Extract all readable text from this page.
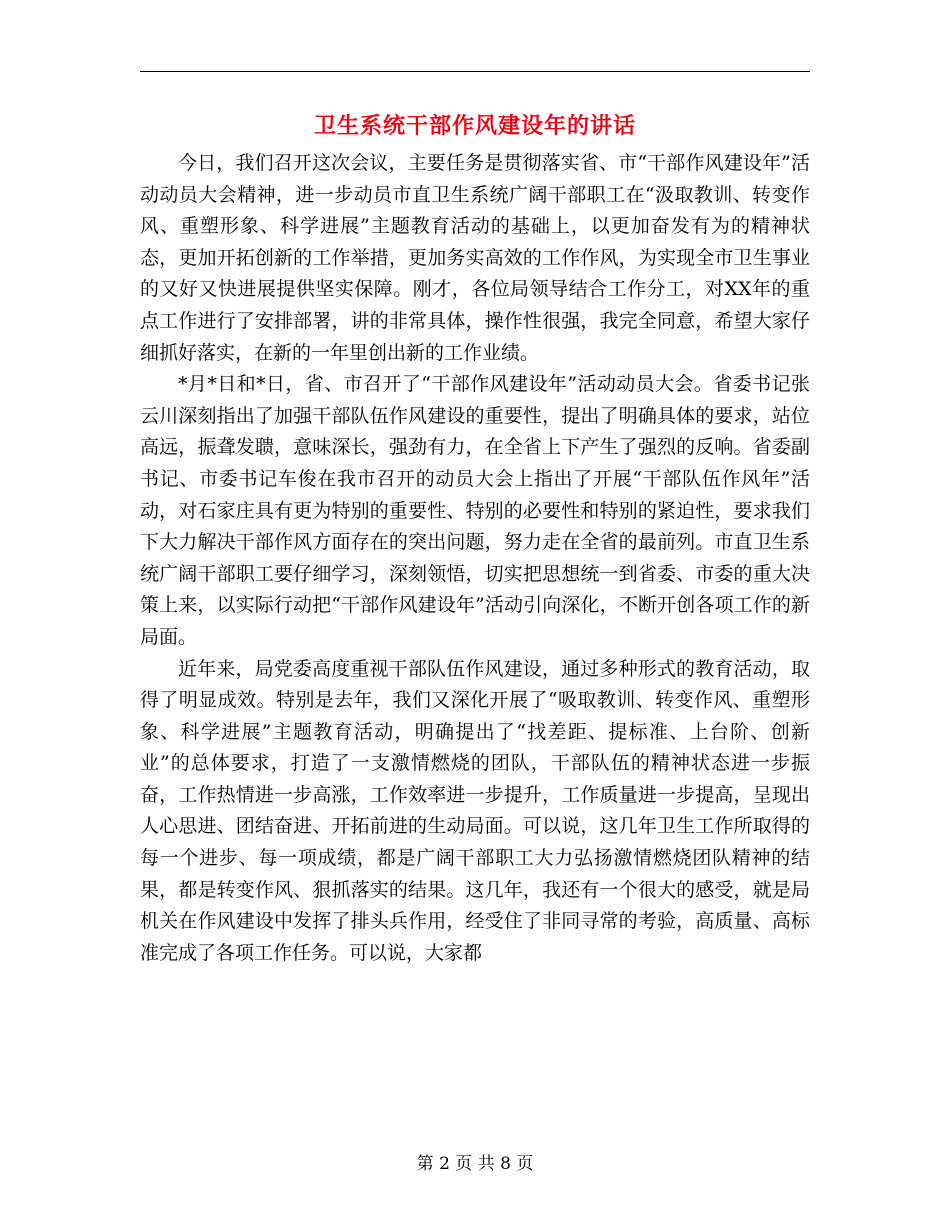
卫生系统干部作风建设年的讲话

今日，我们召开这次会议，主要任务是贯彻落实省、市“干部作风建设年”活动动员大会精神，进一步动员市直卫生系统广阔干部职工在“汲取教训、转变作风、重塑形象、科学进展”主题教育活动的基础上，以更加奋发有为的精神状态，更加开拓创新的工作举措，更加务实高效的工作作风，为实现全市卫生事业的又好又快进展提供坚实保障。刚才，各位局领导结合工作分工，对XX年的重点工作进行了安排部署，讲的非常具体，操作性很强，我完全同意，希望大家仔细抓好落实，在新的一年里创出新的工作业绩。

*月*日和*日，省、市召开了“干部作风建设年”活动动员大会。省委书记张云川深刻指出了加强干部队伍作风建设的重要性，提出了明确具体的要求，站位高远，振聋发聩，意味深长，强劲有力，在全省上下产生了强烈的反响。省委副书记、市委书记车俊在我市召开的动员大会上指出了开展“干部队伍作风年”活动，对石家庄具有更为特别的重要性、特别的必要性和特别的紧迫性，要求我们下大力解决干部作风方面存在的突出问题，努力走在全省的最前列。市直卫生系统广阔干部职工要仔细学习，深刻领悟，切实把思想统一到省委、市委的重大决策上来，以实际行动把“干部作风建设年”活动引向深化，不断开创各项工作的新局面。

近年来，局党委高度重视干部队伍作风建设，通过多种形式的教育活动，取得了明显成效。特别是去年，我们又深化开展了“吸取教训、转变作风、重塑形象、科学进展”主题教育活动，明确提出了“找差距、提标准、上台阶、创新业”的总体要求，打造了一支激情燃烧的团队，干部队伍的精神状态进一步振奋，工作热情进一步高涨，工作效率进一步提升，工作质量进一步提高，呈现出人心思进、团结奋进、开拓前进的生动局面。可以说，这几年卫生工作所取得的每一个进步、每一项成绩，都是广阔干部职工大力弘扬激情燃烧团队精神的结果，都是转变作风、狠抓落实的结果。这几年，我还有一个很大的感受，就是局机关在作风建设中发挥了排头兵作用，经受住了非同寻常的考验，高质量、高标准完成了各项工作任务。可以说，大家都

第 2 页 共 8 页
